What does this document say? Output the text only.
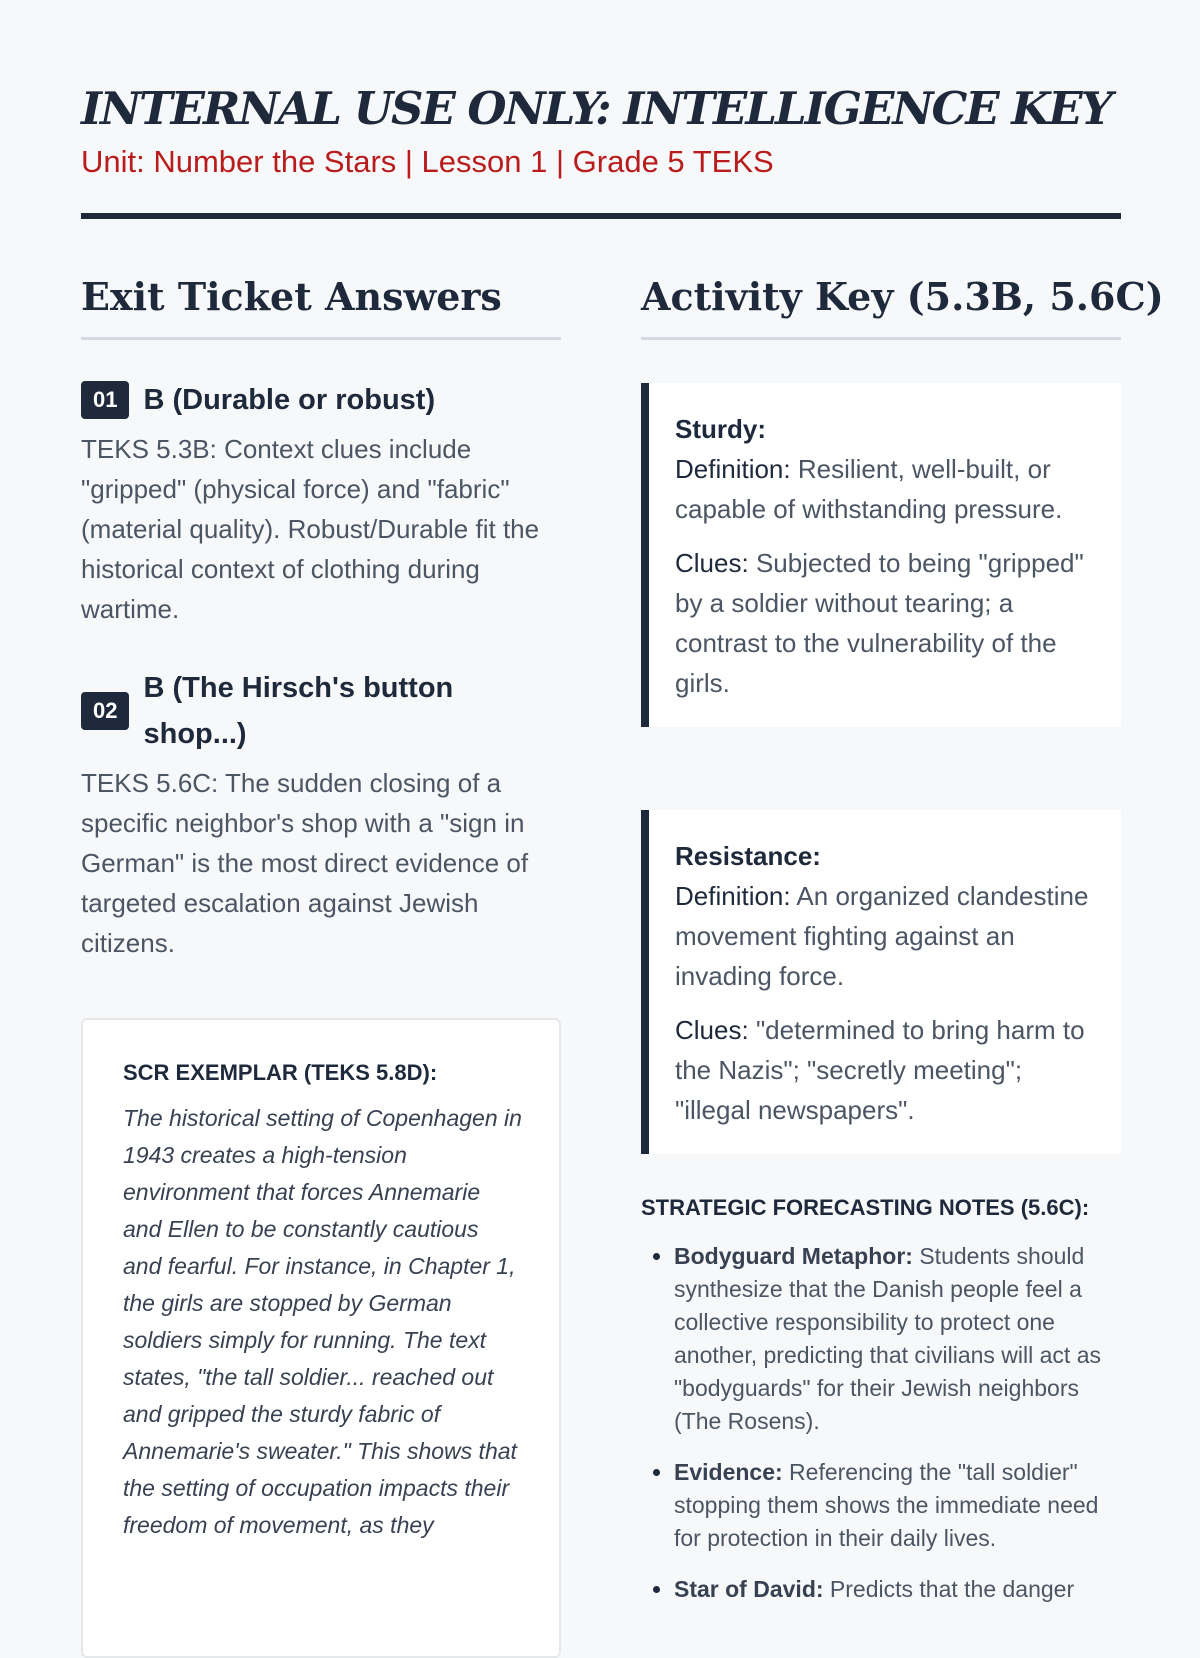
INTERNAL USE ONLY: INTELLIGENCE KEY

Unit: Number the Stars | Lesson 1 | Grade 5 TEKS

Exit Ticket Answers
01 B (Durable or robust)

TEKS 5.3B: Context clues include "gripped" (physical force) and "fabric" (material quality). Robust/Durable fit the historical context of clothing during wartime.

02
B (The Hirsch's button shop...)

TEKS 5.6C: The sudden closing of a specific neighbor's shop with a "sign in German" is the most direct evidence of targeted escalation against Jewish citizens.

SCR EXEMPLAR (TEKS 5.8D):

The historical setting of Copenhagen in 1943 creates a high-tension environment that forces Annemarie and Ellen to be constantly cautious and fearful. For instance, in Chapter 1, the girls are stopped by German soldiers simply for running. The text states, "the tall soldier... reached out and gripped the sturdy fabric of Annemarie's sweater." This shows that the setting of occupation impacts their freedom of movement, as they

Activity Key (5.3B, 5.6C)

Sturdy:

Definition: Resilient, well-built, or capable of withstanding pressure.

Clues: Subjected to being "gripped" by a soldier without tearing; a contrast to the vulnerability of the girls.

Resistance:

Definition: An organized clandestine movement fighting against an invading force.

Clues: "determined to bring harm to the Nazis"; "secretly meeting"; "illegal newspapers".

STRATEGIC FORECASTING NOTES (5.6C):

• Bodyguard Metaphor: Students should synthesize that the Danish people feel a collective responsibility to protect one another, predicting that civilians will act as "bodyguards" for their Jewish neighbors (The Rosens).
• Evidence: Referencing the "tall soldier" stopping them shows the immediate need for protection in their daily lives.
• Star of David: Predicts that the danger
